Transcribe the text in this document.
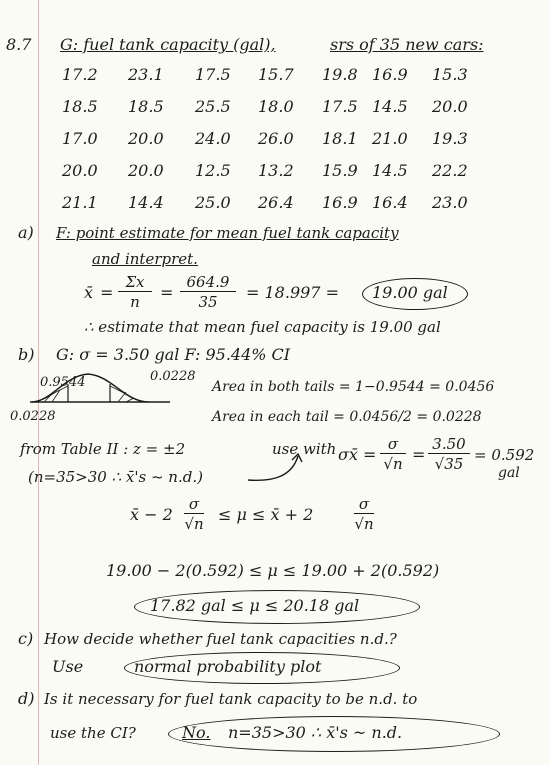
8.7 G: fuel tank capacity (gal),	srs of 35 new cars:
17.2 23.1 17.5 15.7 19.8 16.9 15.3
18.5 18.5 25.5 18.0 17.5 14.5 20.0
17.0 20.0 24.0 26.0 18.1 21.0 19.3
20.0 20.0 12.5 13.2 15.9 14.5 22.2
21.1 14.4 25.0 26.4 16.9 16.4 23.0
a) F: point estimate for mean fuel tank capacity
and interpret.
x̄ =
Σx
n	=
664.9
35	= 18.997 = 19.00 gal
∴ estimate that mean fuel capacity is 19.00 gal
b) G: σ = 3.50 gal F: 95.44% CI
0.9544	0.0228
0.0228
Area in both tails = 1−0.9544 = 0.0456
Area in each tail = 0.0456/2 = 0.0228
from Table II : z = ±2	use with σx̄ =
σ
√n =
3.50
√35 = 0.592
gal
(n=35>30 ∴ x̄'s ~ n.d.)
x̄ − 2
σ
√n ≤ μ ≤ x̄ + 2
σ
√n
19.00 − 2(0.592) ≤ μ ≤ 19.00 + 2(0.592)
17.82 gal ≤ μ ≤ 20.18 gal
c) How decide whether fuel tank capacities n.d.?
Use	normal probability plot
d) Is it necessary for fuel tank capacity to be n.d. to
use the CI?	No. n=35>30 ∴ x̄'s ~ n.d.
